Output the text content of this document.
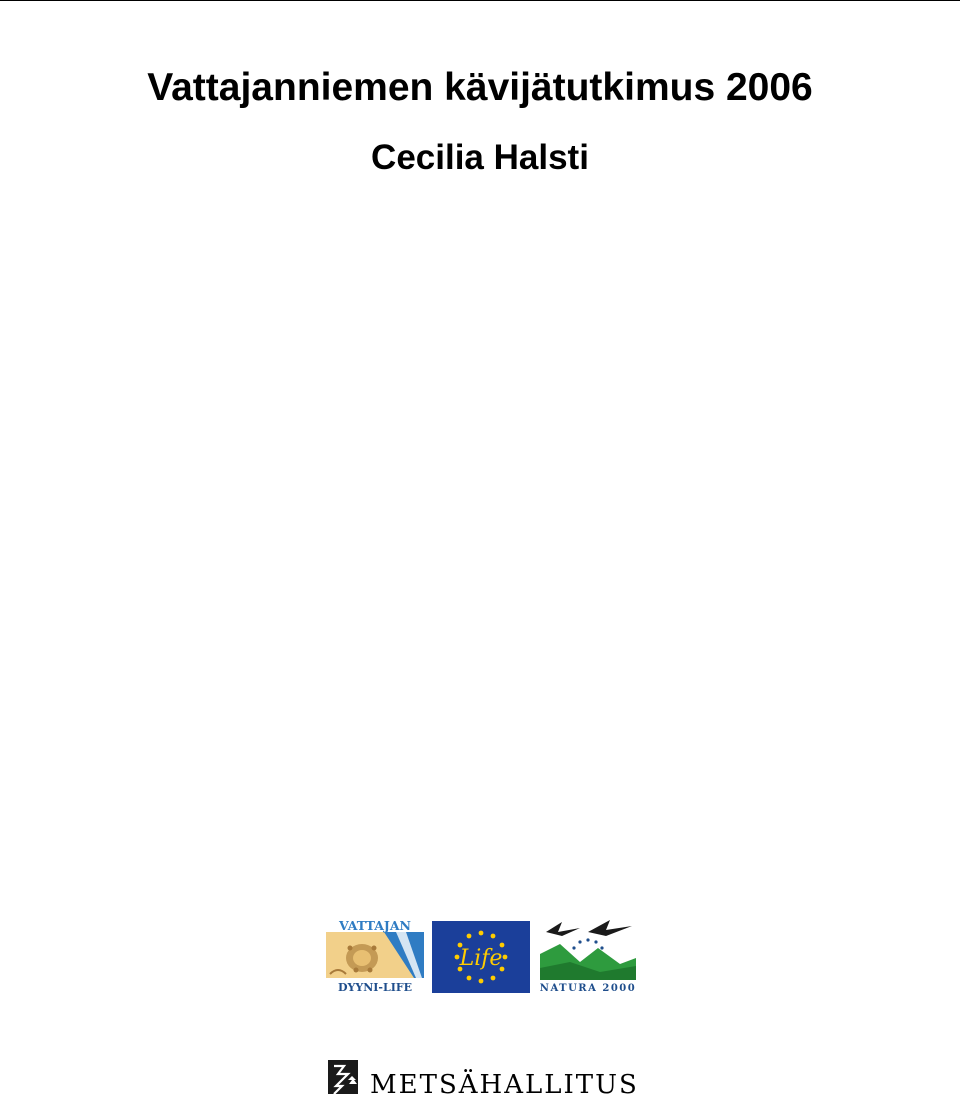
Vattajanniemen kävijätutkimus 2006
Cecilia Halsti
VATTAJAN
DYYNI-LIFE
Life
NATURA 2000
METSÄHALLITUS
